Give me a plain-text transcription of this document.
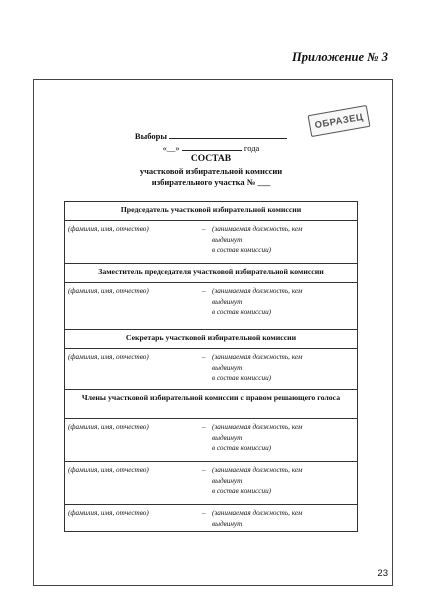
Приложение № 3
ОБРАЗЕЦ
Выборы
«__»	года
СОСТАВ
участковой избирательной комиссии
избирательного участка № ___
Председатель участковой избирательной комиссии
(фамилия, имя, отчество)	– (занимаемая должность, кем
выдвинут
в состав комиссии)
Заместитель председателя участковой избирательной комиссии
(фамилия, имя, отчество)	– (занимаемая должность, кем
выдвинут
в состав комиссии)
Секретарь участковой избирательной комиссии
(фамилия, имя, отчество)	– (занимаемая должность, кем
выдвинут
в состав комиссии)
Члены участковой избирательной комиссии с правом решающего голоса
(фамилия, имя, отчество)	– (занимаемая должность, кем
выдвинут
в состав комиссии)
(фамилия, имя, отчество)	– (занимаемая должность, кем
выдвинут
в состав комиссии)
(фамилия, имя, отчество)	– (занимаемая должность, кем
выдвинут
23
